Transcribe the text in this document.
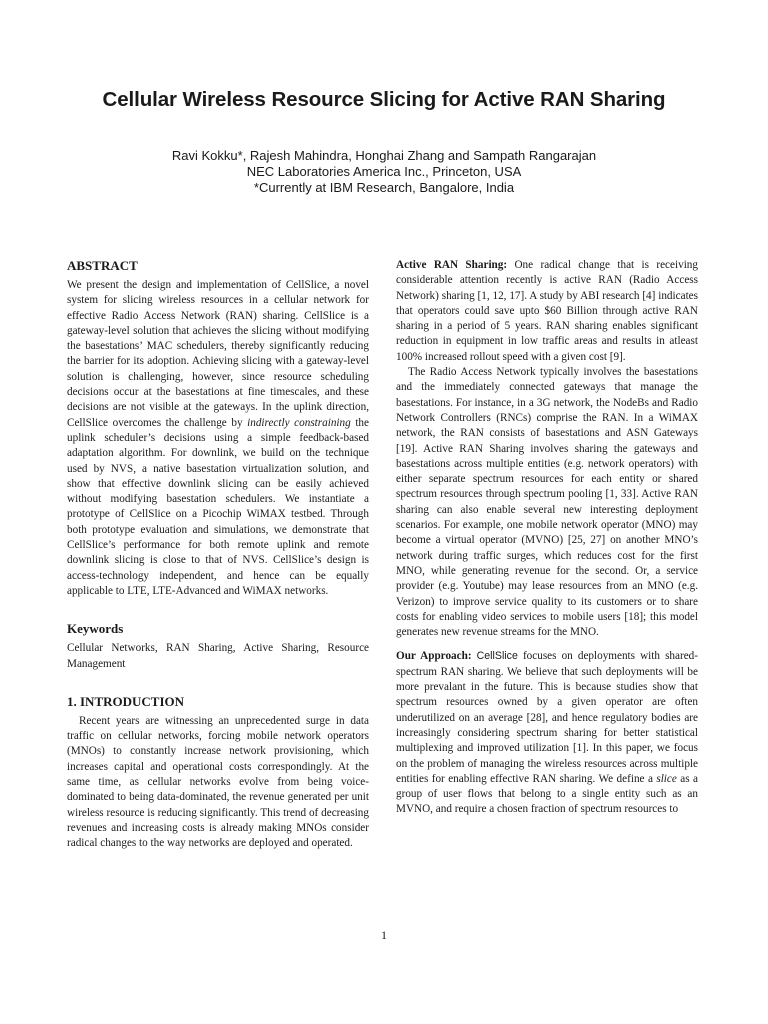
Cellular Wireless Resource Slicing for Active RAN Sharing
Ravi Kokku*, Rajesh Mahindra, Honghai Zhang and Sampath Rangarajan
NEC Laboratories America Inc., Princeton, USA
*Currently at IBM Research, Bangalore, India
ABSTRACT

We present the design and implementation of CellSlice, a novel system for slicing wireless resources in a cellular network for effective Radio Access Network (RAN) sharing. CellSlice is a gateway-level solution that achieves the slicing without modifying the basestations’ MAC schedulers, thereby significantly reducing the barrier for its adoption. Achieving slicing with a gateway-level solution is challenging, however, since resource scheduling decisions occur at the basestations at fine timescales, and these decisions are not visible at the gateways. In the uplink direction, CellSlice overcomes the challenge by indirectly constraining the uplink scheduler’s decisions using a simple feedback-based adaptation algorithm. For downlink, we build on the technique used by NVS, a native basestation virtualization solution, and show that effective downlink slicing can be easily achieved without modifying basestation schedulers. We instantiate a prototype of CellSlice on a Picochip WiMAX testbed. Through both prototype evaluation and simulations, we demonstrate that CellSlice’s performance for both remote uplink and remote downlink slicing is close to that of NVS. CellSlice’s design is access-technology independent, and hence can be equally applicable to LTE, LTE-Advanced and WiMAX networks.

Keywords

Cellular Networks, RAN Sharing, Active Sharing, Resource Management

1. INTRODUCTION

Recent years are witnessing an unprecedented surge in data traffic on cellular networks, forcing mobile network operators (MNOs) to constantly increase network provisioning, which increases capital and operational costs correspondingly. At the same time, as cellular networks evolve from being voice-dominated to being data-dominated, the revenue generated per unit wireless resource is reducing significantly. This trend of decreasing revenues and increasing costs is already making MNOs consider radical changes to the way networks are deployed and operated.

Active RAN Sharing: One radical change that is receiving considerable attention recently is active RAN (Radio Access Network) sharing [1, 12, 17]. A study by ABI research [4] indicates that operators could save upto $60 Billion through active RAN sharing in a period of 5 years. RAN sharing enables significant reduction in equipment in low traffic areas and results in atleast 100% increased rollout speed with a given cost [9].

The Radio Access Network typically involves the basestations and the immediately connected gateways that manage the basestations. For instance, in a 3G network, the NodeBs and Radio Network Controllers (RNCs) comprise the RAN. In a WiMAX network, the RAN consists of basestations and ASN Gateways [19]. Active RAN Sharing involves sharing the gateways and basestations across multiple entities (e.g. network operators) with either separate spectrum resources for each entity or shared spectrum resources through spectrum pooling [1, 33]. Active RAN sharing can also enable several new interesting deployment scenarios. For example, one mobile network operator (MNO) may become a virtual operator (MVNO) [25, 27] on another MNO’s network during traffic surges, which reduces cost for the first MNO, while generating revenue for the second. Or, a service provider (e.g. Youtube) may lease resources from an MNO (e.g. Verizon) to improve service quality to its customers or to share costs for enabling video services to mobile users [18]; this model generates new revenue streams for the MNO.

Our Approach: CellSlice focuses on deployments with shared-spectrum RAN sharing. We believe that such deployments will be more prevalant in the future. This is because studies show that spectrum resources owned by a given operator are often underutilized on an average [28], and hence regulatory bodies are increasingly considering spectrum sharing for better statistical multiplexing and improved utilization [1]. In this paper, we focus on the problem of managing the wireless resources across multiple entities for enabling effective RAN sharing. We define a slice as a group of user flows that belong to a single entity such as an MVNO, and require a chosen fraction of spectrum resources to

1
